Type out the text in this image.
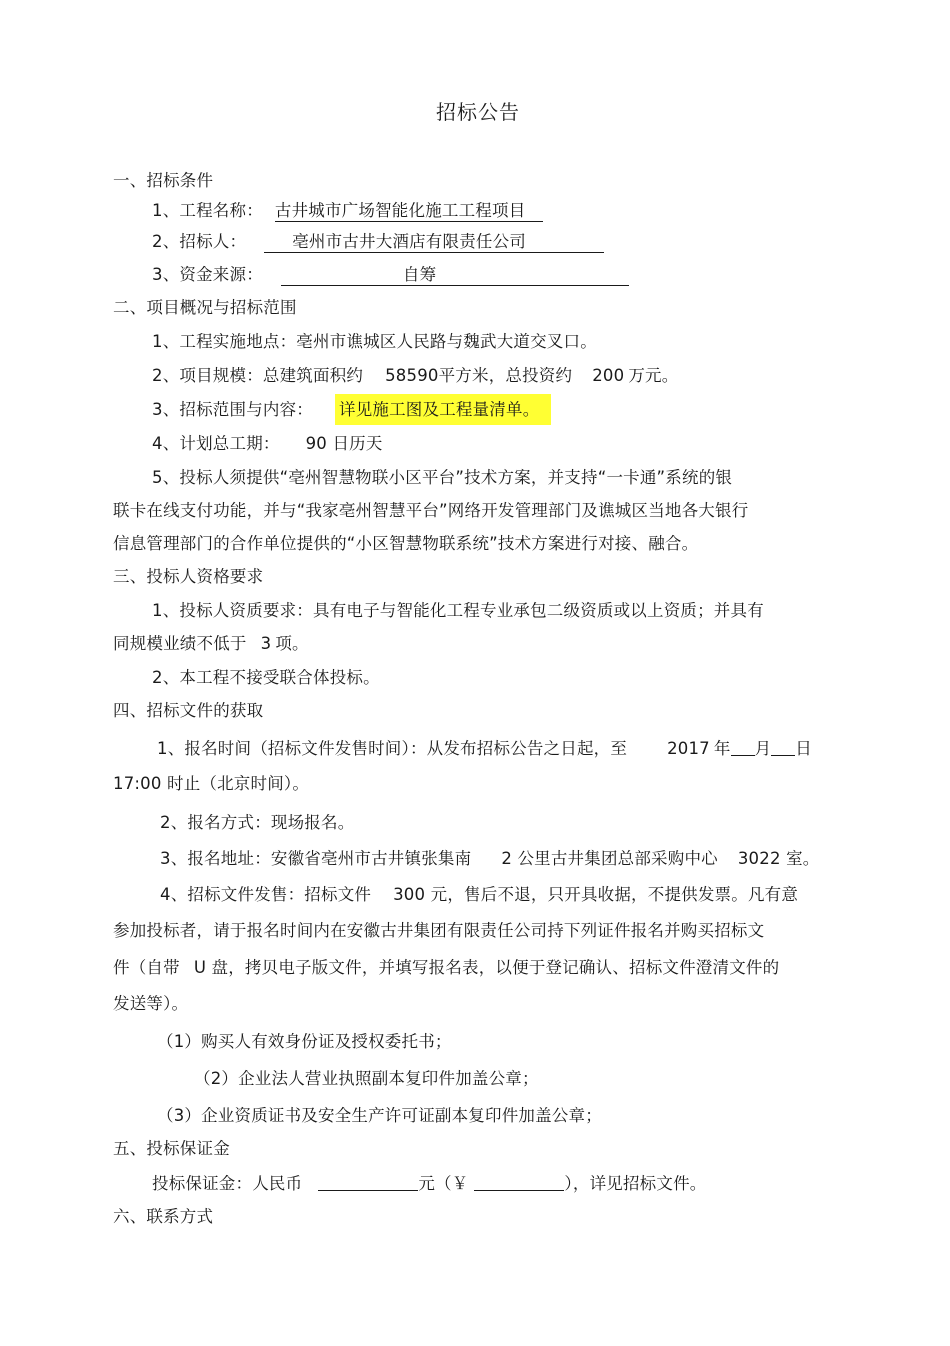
招标公告
一、招标条件
1、工程名称： 古井城市广场智能化施工工程项目
2、招标人：	亳州市古井大酒店有限责任公司
3、资金来源：	自筹
二、项目概况与招标范围
1、工程实施地点：亳州市谯城区人民路与魏武大道交叉口。
2、项目规模：总建筑面积约 58590平方米，总投资约 200 万元。
3、招标范围与内容： 详见施工图及工程量清单。
4、计划总工期： 90 日历天
5、投标人须提供“亳州智慧物联小区平台”技术方案，并支持“一卡通”系统的银
联卡在线支付功能，并与“我家亳州智慧平台”网络开发管理部门及谯城区当地各大银行
信息管理部门的合作单位提供的“小区智慧物联系统”技术方案进行对接、融合。
三、投标人资格要求
1、投标人资质要求：具有电子与智能化工程专业承包二级资质或以上资质；并具有
同规模业绩不低于 3 项。
2、本工程不接受联合体投标。
四、招标文件的获取
1、报名时间（招标文件发售时间）：从发布招标公告之日起，至 2017 年 月 日
17:00 时止（北京时间）。
2、报名方式：现场报名。
3、报名地址：安徽省亳州市古井镇张集南 2 公里古井集团总部采购中心 3022 室。
4、招标文件发售：招标文件 300 元，售后不退，只开具收据，不提供发票。凡有意
参加投标者，请于报名时间内在安徽古井集团有限责任公司持下列证件报名并购买招标文
件（自带 U 盘，拷贝电子版文件，并填写报名表，以便于登记确认、招标文件澄清文件的
发送等）。
（1）购买人有效身份证及授权委托书；
（2）企业法人营业执照副本复印件加盖公章；
（3）企业资质证书及安全生产许可证副本复印件加盖公章；
五、投标保证金
投标保证金：人民币	元（￥	），详见招标文件。
六、联系方式
